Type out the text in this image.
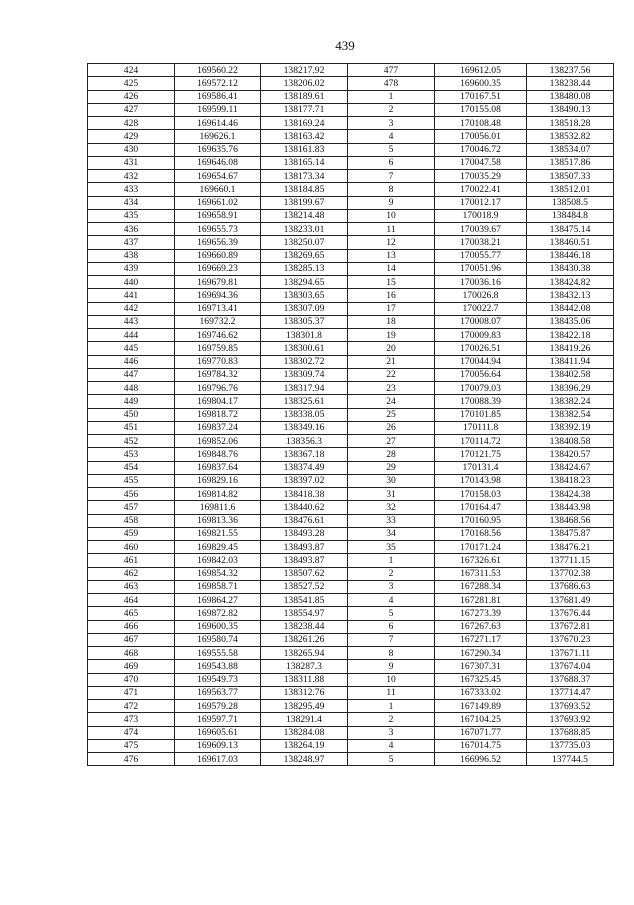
439
424	169560.22	138217.92	477	169612.05	138237.56
425	169572.12	138206.02	478	169600.35	138238.44
426	169586.41	138189.61	1	170167.51	138480.08
427	169599.11	138177.71	2	170155.08	138490.13
428	169614.46	138169.24	3	170108.48	138518.28
429	169626.1	138163.42	4	170056.01	138532.82
430	169635.76	138161.83	5	170046.72	138534.07
431	169646.08	138165.14	6	170047.58	138517.86
432	169654.67	138173.34	7	170035.29	138507.33
433	169660.1	138184.85	8	170022.41	138512.01
434	169661.02	138199.67	9	170012.17	138508.5
435	169658.91	138214.48	10	170018.9	138484.8
436	169655.73	138233.01	11	170039.67	138475.14
437	169656.39	138250.07	12	170038.21	138460.51
438	169660.89	138269.65	13	170055.77	138446.18
439	169669.23	138285.13	14	170051.96	138430.38
440	169679.81	138294.65	15	170036.16	138424.82
441	169694.36	138303.65	16	170026.8	138432.13
442	169713.41	138307.09	17	170022.7	138442.08
443	169732.2	138305.37	18	170008.07	138435.06
444	169746.62	138301.8	19	170009.83	138422.18
445	169759.85	138300.61	20	170026.51	138419.26
446	169770.83	138302.72	21	170044.94	138411.94
447	169784.32	138309.74	22	170056.64	138402.58
448	169796.76	138317.94	23	170079.03	138396.29
449	169804.17	138325.61	24	170088.39	138382.24
450	169818.72	138338.05	25	170101.85	138382.54
451	169837.24	138349.16	26	170111.8	138392.19
452	169852.06	138356.3	27	170114.72	138408.58
453	169848.76	138367.18	28	170121.75	138420.57
454	169837.64	138374.49	29	170131.4	138424.67
455	169829.16	138397.02	30	170143.98	138418.23
456	169814.82	138418.38	31	170158.03	138424.38
457	169811.6	138440.62	32	170164.47	138443.98
458	169813.36	138476.61	33	170160.95	138468.56
459	169821.55	138493.28	34	170168.56	138475.87
460	169829.45	138493.87	35	170171.24	138476.21
461	169842.03	138493.87	1	167326.61	137711.15
462	169854.32	138507.62	2	167311.53	137702.38
463	169858.71	138527.52	3	167288.34	137686.63
464	169864.27	138541.85	4	167281.81	137681.49
465	169872.82	138554.97	5	167273.39	137676.44
466	169600.35	138238.44	6	167267.63	137672.81
467	169580.74	138261.26	7	167271.17	137670.23
468	169555.58	138265.94	8	167290.34	137671.11
469	169543.88	138287.3	9	167307.31	137674.04
470	169549.73	138311.88	10	167325.45	137688.37
471	169563.77	138312.76	11	167333.02	137714.47
472	169579.28	138295.49	1	167149.89	137693.52
473	169597.71	138291.4	2	167104.25	137693.92
474	169605.61	138284.08	3	167071.77	137688.85
475	169609.13	138264.19	4	167014.75	137735.03
476	169617.03	138248.97	5	166996.52	137744.5
